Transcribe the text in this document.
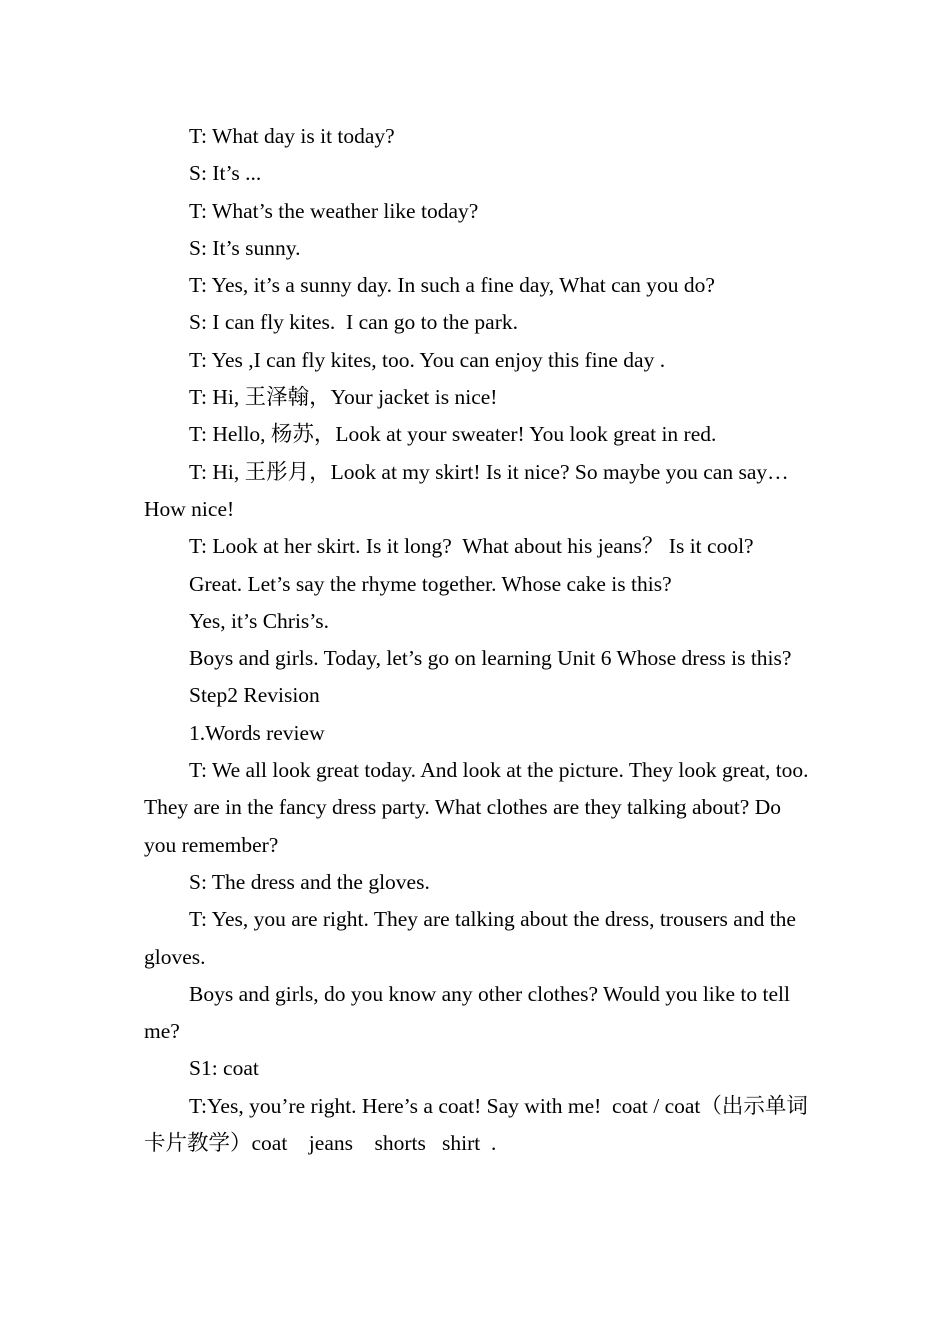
T: What day is it today?

S: It’s ...

T: What’s the weather like today?

S: It’s sunny.

T: Yes, it’s a sunny day. In such a fine day, What can you do?

S: I can fly kites.  I can go to the park.

T: Yes ,I can fly kites, too. You can enjoy this fine day .

T: Hi, 王泽翰，Your jacket is nice!

T: Hello, 杨苏，Look at your sweater! You look great in red.

T: Hi, 王彤月，Look at my skirt! Is it nice? So maybe you can say…How nice!

T: Look at her skirt. Is it long?  What about his jeans？ Is it cool?

Great. Let’s say the rhyme together. Whose cake is this?

Yes, it’s Chris’s.

Boys and girls. Today, let’s go on learning Unit 6 Whose dress is this?

Step2 Revision

1.Words review

T: We all look great today. And look at the picture. They look great, too. They are in the fancy dress party. What clothes are they talking about? Do you remember?

S: The dress and the gloves.

T: Yes, you are right. They are talking about the dress, trousers and the gloves.

Boys and girls, do you know any other clothes? Would you like to tell me?

S1: coat

T:Yes, you’re right. Here’s a coat! Say with me!  coat / coat（出示单词卡片教学）coat    jeans    shorts   shirt  .
